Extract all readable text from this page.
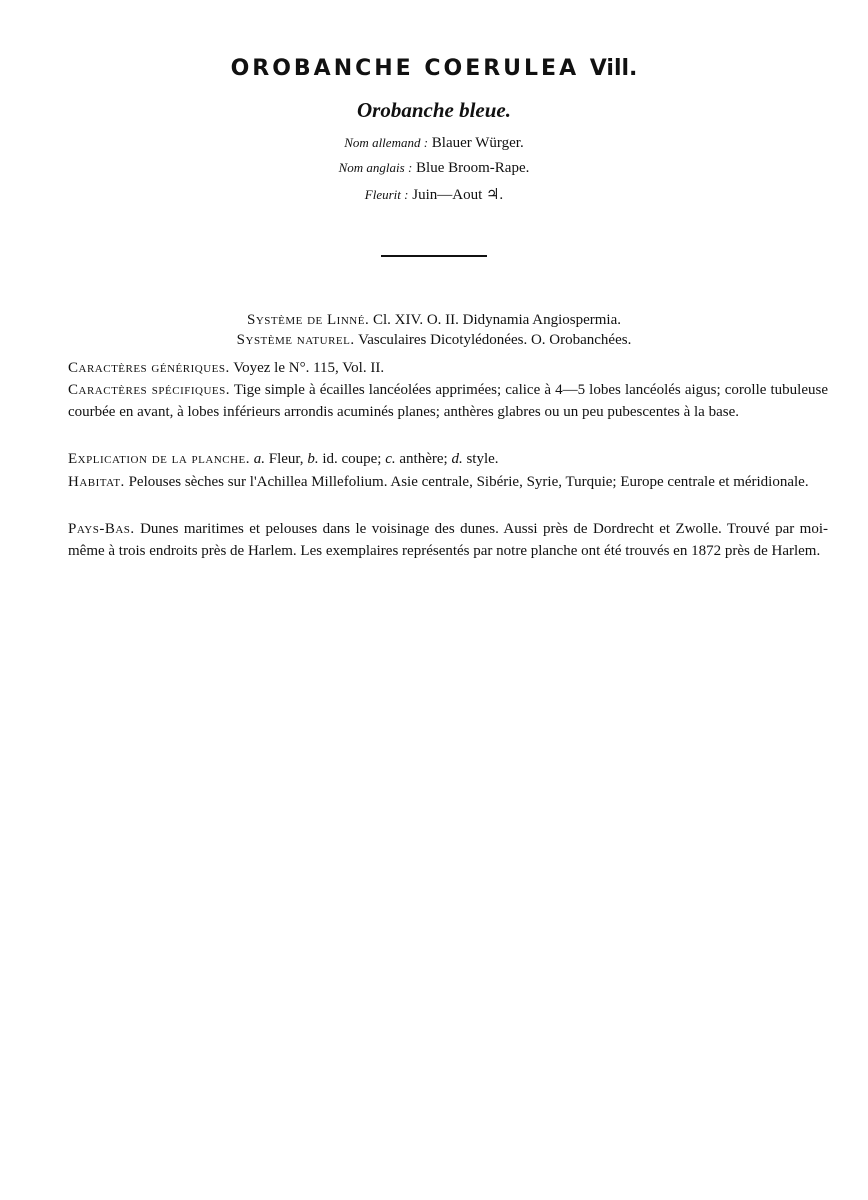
OROBANCHE COERULEA Vill.
Orobanche bleue.
Nom allemand : Blauer Würger.
Nom anglais : Blue Broom-Rape.
Fleurit : Juin—Aout ♃.
Système de Linné. Cl. XIV. O. II. Didynamia Angiospermia.
Système naturel. Vasculaires Dicotylédonées. O. Orobanchées.
Caractères génériques. Voyez le N°. 115, Vol. II.
Caractères spécifiques. Tige simple à écailles lancéolées apprimées; calice à 4—5 lobes lancéolés aigus; corolle tubuleuse courbée en avant, à lobes inférieurs arrondis acuminés planes; anthères glabres ou un peu pubescentes à la base.
Explication de la planche. a. Fleur, b. id. coupe; c. anthère; d. style.
Habitat. Pelouses sèches sur l'Achillea Millefolium. Asie centrale, Sibérie, Syrie, Turquie; Europe centrale et méridionale.
Pays-Bas. Dunes maritimes et pelouses dans le voisinage des dunes. Aussi près de Dordrecht et Zwolle. Trouvé par moi-même à trois endroits près de Harlem. Les exemplaires représentés par notre planche ont été trouvés en 1872 près de Harlem.
